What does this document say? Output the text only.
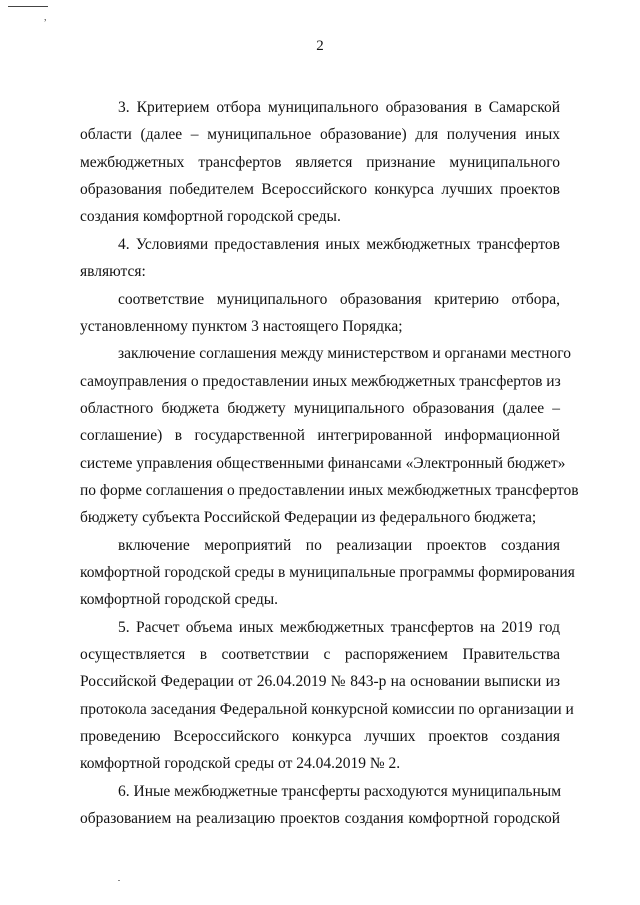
,
2
3. Критерием отбора муниципального образования в Самарской
области (далее – муниципальное образование) для получения иных
межбюджетных трансфертов является признание муниципального
образования победителем Всероссийского конкурса лучших проектов
создания комфортной городской среды.
4. Условиями предоставления иных межбюджетных трансфертов
являются:
соответствие муниципального образования критерию отбора,
установленному пунктом 3 настоящего Порядка;
заключение соглашения между министерством и органами местного
самоуправления о предоставлении иных межбюджетных трансфертов из
областного бюджета бюджету муниципального образования (далее –
соглашение) в государственной интегрированной информационной
системе управления общественными финансами «Электронный бюджет»
по форме соглашения о предоставлении иных межбюджетных трансфертов
бюджету субъекта Российской Федерации из федерального бюджета;
включение мероприятий по реализации проектов создания
комфортной городской среды в муниципальные программы формирования
комфортной городской среды.
5. Расчет объема иных межбюджетных трансфертов на 2019 год
осуществляется в соответствии с распоряжением Правительства
Российской Федерации от 26.04.2019 № 843-р на основании выписки из
протокола заседания Федеральной конкурсной комиссии по организации и
проведению Всероссийского конкурса лучших проектов создания
комфортной городской среды от 24.04.2019 № 2.
6. Иные межбюджетные трансферты расходуются муниципальным
образованием на реализацию проектов создания комфортной городской
